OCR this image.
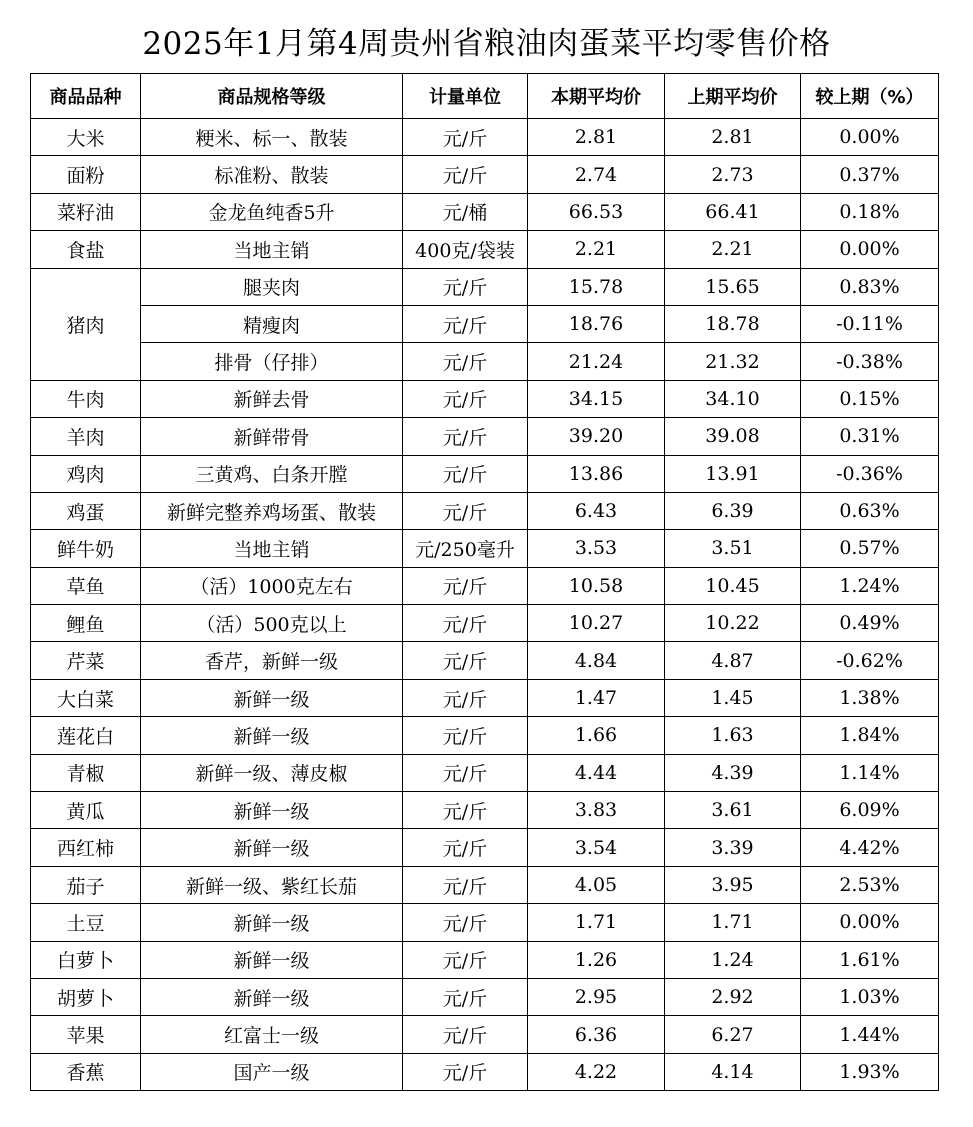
2025年1月第4周贵州省粮油肉蛋菜平均零售价格
商品品种	商品规格等级	计量单位	本期平均价	上期平均价	较上期（%）
大米	粳米、标一、散装	元/斤	2.81	2.81	0.00%
面粉	标准粉、散装	元/斤	2.74	2.73	0.37%
菜籽油	金龙鱼纯香5升	元/桶	66.53	66.41	0.18%
食盐	当地主销	400克/袋装	2.21	2.21	0.00%
猪肉	腿夹肉	元/斤	15.78	15.65	0.83%
	精瘦肉	元/斤	18.76	18.78	-0.11%
	排骨（仔排）	元/斤	21.24	21.32	-0.38%
牛肉	新鲜去骨	元/斤	34.15	34.10	0.15%
羊肉	新鲜带骨	元/斤	39.20	39.08	0.31%
鸡肉	三黄鸡、白条开膛	元/斤	13.86	13.91	-0.36%
鸡蛋	新鲜完整养鸡场蛋、散装	元/斤	6.43	6.39	0.63%
鲜牛奶	当地主销	元/250毫升	3.53	3.51	0.57%
草鱼	（活）1000克左右	元/斤	10.58	10.45	1.24%
鲤鱼	（活）500克以上	元/斤	10.27	10.22	0.49%
芹菜	香芹，新鲜一级	元/斤	4.84	4.87	-0.62%
大白菜	新鲜一级	元/斤	1.47	1.45	1.38%
莲花白	新鲜一级	元/斤	1.66	1.63	1.84%
青椒	新鲜一级、薄皮椒	元/斤	4.44	4.39	1.14%
黄瓜	新鲜一级	元/斤	3.83	3.61	6.09%
西红柿	新鲜一级	元/斤	3.54	3.39	4.42%
茄子	新鲜一级、紫红长茄	元/斤	4.05	3.95	2.53%
土豆	新鲜一级	元/斤	1.71	1.71	0.00%
白萝卜	新鲜一级	元/斤	1.26	1.24	1.61%
胡萝卜	新鲜一级	元/斤	2.95	2.92	1.03%
苹果	红富士一级	元/斤	6.36	6.27	1.44%
香蕉	国产一级	元/斤	4.22	4.14	1.93%
